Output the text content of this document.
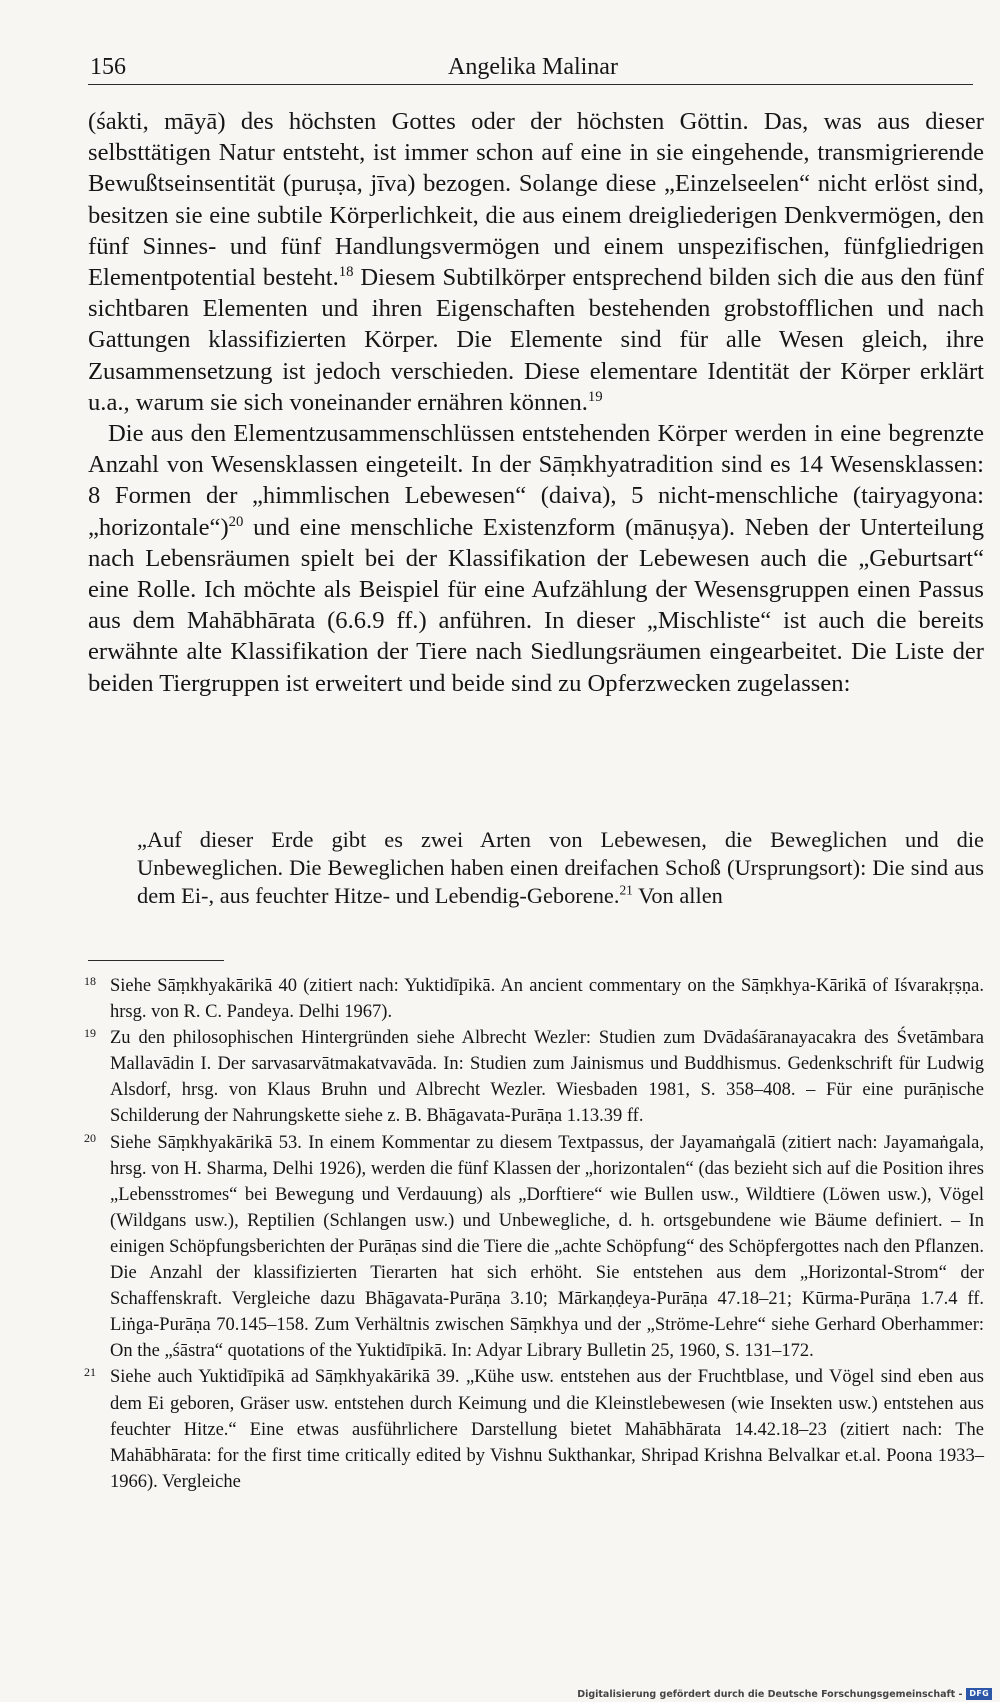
156	Angelika Malinar

(śakti, māyā) des höchsten Gottes oder der höchsten Göttin. Das, was aus dieser selbsttätigen Natur entsteht, ist immer schon auf eine in sie eingehende, transmigrierende Bewußtseinsentität (puruṣa, jīva) bezogen. Solange diese „Einzelseelen“ nicht erlöst sind, besitzen sie eine subtile Körperlichkeit, die aus einem dreigliederigen Denkvermögen, den fünf Sinnes- und fünf Handlungsvermögen und einem unspezifischen, fünfgliedrigen Elementpotential besteht.$^{18}$ Diesem Subtilkörper entsprechend bilden sich die aus den fünf sichtbaren Elementen und ihren Eigenschaften bestehenden grobstofflichen und nach Gattungen klassifizierten Körper. Die Elemente sind für alle Wesen gleich, ihre Zusammensetzung ist jedoch verschieden. Diese elementare Identität der Körper erklärt u.a., warum sie sich voneinander ernähren können.$^{19}$

Die aus den Elementzusammenschlüssen entstehenden Körper werden in eine begrenzte Anzahl von Wesensklassen eingeteilt. In der Sāṃkhyatradition sind es 14 Wesensklassen: 8 Formen der „himmlischen Lebewesen“ (daiva), 5 nicht-menschliche (tairyagyona: „horizontale“)$^{20}$ und eine menschliche Existenzform (mānuṣya). Neben der Unterteilung nach Lebensräumen spielt bei der Klassifikation der Lebewesen auch die „Geburtsart“ eine Rolle. Ich möchte als Beispiel für eine Aufzählung der Wesensgruppen einen Passus aus dem Mahābhārata (6.6.9 ff.) anführen. In dieser „Mischliste“ ist auch die bereits erwähnte alte Klassifikation der Tiere nach Siedlungsräumen eingearbeitet. Die Liste der beiden Tiergruppen ist erweitert und beide sind zu Opferzwecken zugelassen:

„Auf dieser Erde gibt es zwei Arten von Lebewesen, die Beweglichen und die Unbeweglichen. Die Beweglichen haben einen dreifachen Schoß (Ursprungsort): Die sind aus dem Ei-, aus feuchter Hitze- und Lebendig-Geborene.$^{21}$ Von allen

18 Siehe Sāṃkhyakārikā 40 (zitiert nach: Yuktidīpikā. An ancient commentary on the Sāṃkhya-Kārikā of Iśvarakṛṣṇa. hrsg. von R. C. Pandeya. Delhi 1967).

19 Zu den philosophischen Hintergründen siehe Albrecht Wezler: Studien zum Dvādaśāranayacakra des Śvetāmbara Mallavādin I. Der sarvasarvātmakatvavāda. In: Studien zum Jainismus und Buddhismus. Gedenkschrift für Ludwig Alsdorf, hrsg. von Klaus Bruhn und Albrecht Wezler. Wiesbaden 1981, S. 358–408. – Für eine purāṇische Schilderung der Nahrungskette siehe z. B. Bhāgavata-Purāṇa 1.13.39 ff.

20 Siehe Sāṃkhyakārikā 53. In einem Kommentar zu diesem Textpassus, der Jayamaṅgalā (zitiert nach: Jayamaṅgala, hrsg. von H. Sharma, Delhi 1926), werden die fünf Klassen der „horizontalen“ (das bezieht sich auf die Position ihres „Lebensstromes“ bei Bewegung und Verdauung) als „Dorftiere“ wie Bullen usw., Wildtiere (Löwen usw.), Vögel (Wildgans usw.), Reptilien (Schlangen usw.) und Unbewegliche, d. h. ortsgebundene wie Bäume definiert. – In einigen Schöpfungsberichten der Purāṇas sind die Tiere die „achte Schöpfung“ des Schöpfergottes nach den Pflanzen. Die Anzahl der klassifizierten Tierarten hat sich erhöht. Sie entstehen aus dem „Horizontal-Strom“ der Schaffenskraft. Vergleiche dazu Bhāgavata-Purāṇa 3.10; Mārkaṇḍeya-Purāṇa 47.18–21; Kūrma-Purāṇa 1.7.4 ff. Liṅga-Purāṇa 70.145–158. Zum Verhältnis zwischen Sāṃkhya und der „Ströme-Lehre“ siehe Gerhard Oberhammer: On the „śāstra“ quotations of the Yuktidīpikā. In: Adyar Library Bulletin 25, 1960, S. 131–172.

21 Siehe auch Yuktidīpikā ad Sāṃkhyakārikā 39. „Kühe usw. entstehen aus der Fruchtblase, und Vögel sind eben aus dem Ei geboren, Gräser usw. entstehen durch Keimung und die Kleinstlebewesen (wie Insekten usw.) entstehen aus feuchter Hitze.“ Eine etwas ausführlichere Darstellung bietet Mahābhārata 14.42.18–23 (zitiert nach: The Mahābhārata: for the first time critically edited by Vishnu Sukthankar, Shripad Krishna Belvalkar et.al. Poona 1933–1966). Vergleiche

Digitalisierung gefördert durch die Deutsche Forschungsgemeinschaft - DFG
